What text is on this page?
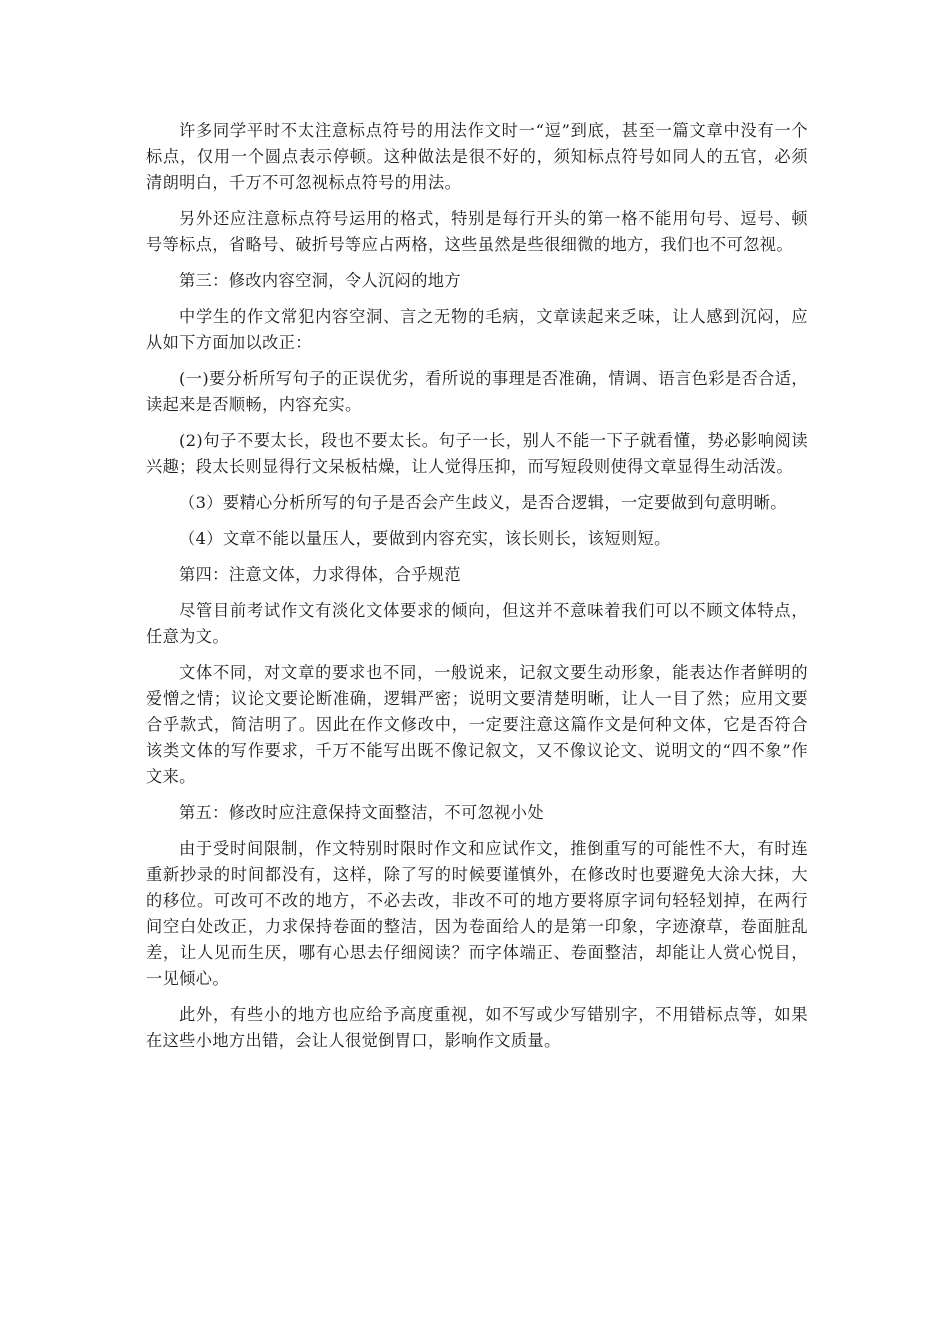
许多同学平时不太注意标点符号的用法作文时一“逗”到底，甚至一篇文章中没有一个标点，仅用一个圆点表示停顿。这种做法是很不好的，须知标点符号如同人的五官，必须清朗明白，千万不可忽视标点符号的用法。

另外还应注意标点符号运用的格式，特别是每行开头的第一格不能用句号、逗号、顿号等标点，省略号、破折号等应占两格，这些虽然是些很细微的地方，我们也不可忽视。

第三：修改内容空洞，令人沉闷的地方

中学生的作文常犯内容空洞、言之无物的毛病，文章读起来乏味，让人感到沉闷，应从如下方面加以改正：

(一)要分析所写句子的正误优劣，看所说的事理是否准确，情调、语言色彩是否合适，读起来是否顺畅，内容充实。

(2)句子不要太长，段也不要太长。句子一长，别人不能一下子就看懂，势必影响阅读兴趣；段太长则显得行文呆板枯燥，让人觉得压抑，而写短段则使得文章显得生动活泼。

（3）要精心分析所写的句子是否会产生歧义，是否合逻辑，一定要做到句意明晰。

（4）文章不能以量压人，要做到内容充实，该长则长，该短则短。

第四：注意文体，力求得体，合乎规范

尽管目前考试作文有淡化文体要求的倾向，但这并不意味着我们可以不顾文体特点，任意为文。

文体不同，对文章的要求也不同，一般说来，记叙文要生动形象，能表达作者鲜明的爱憎之情；议论文要论断准确，逻辑严密；说明文要清楚明晰，让人一目了然；应用文要合乎款式，简洁明了。因此在作文修改中，一定要注意这篇作文是何种文体，它是否符合该类文体的写作要求，千万不能写出既不像记叙文，又不像议论文、说明文的“四不象”作文来。

第五：修改时应注意保持文面整洁，不可忽视小处

由于受时间限制，作文特别时限时作文和应试作文，推倒重写的可能性不大，有时连重新抄录的时间都没有，这样，除了写的时候要谨慎外，在修改时也要避免大涂大抹，大的移位。可改可不改的地方，不必去改，非改不可的地方要将原字词句轻轻划掉，在两行间空白处改正，力求保持卷面的整洁，因为卷面给人的是第一印象，字迹潦草，卷面脏乱差，让人见而生厌，哪有心思去仔细阅读？而字体端正、卷面整洁，却能让人赏心悦目，一见倾心。

此外，有些小的地方也应给予高度重视，如不写或少写错别字，不用错标点等，如果在这些小地方出错，会让人很觉倒胃口，影响作文质量。
